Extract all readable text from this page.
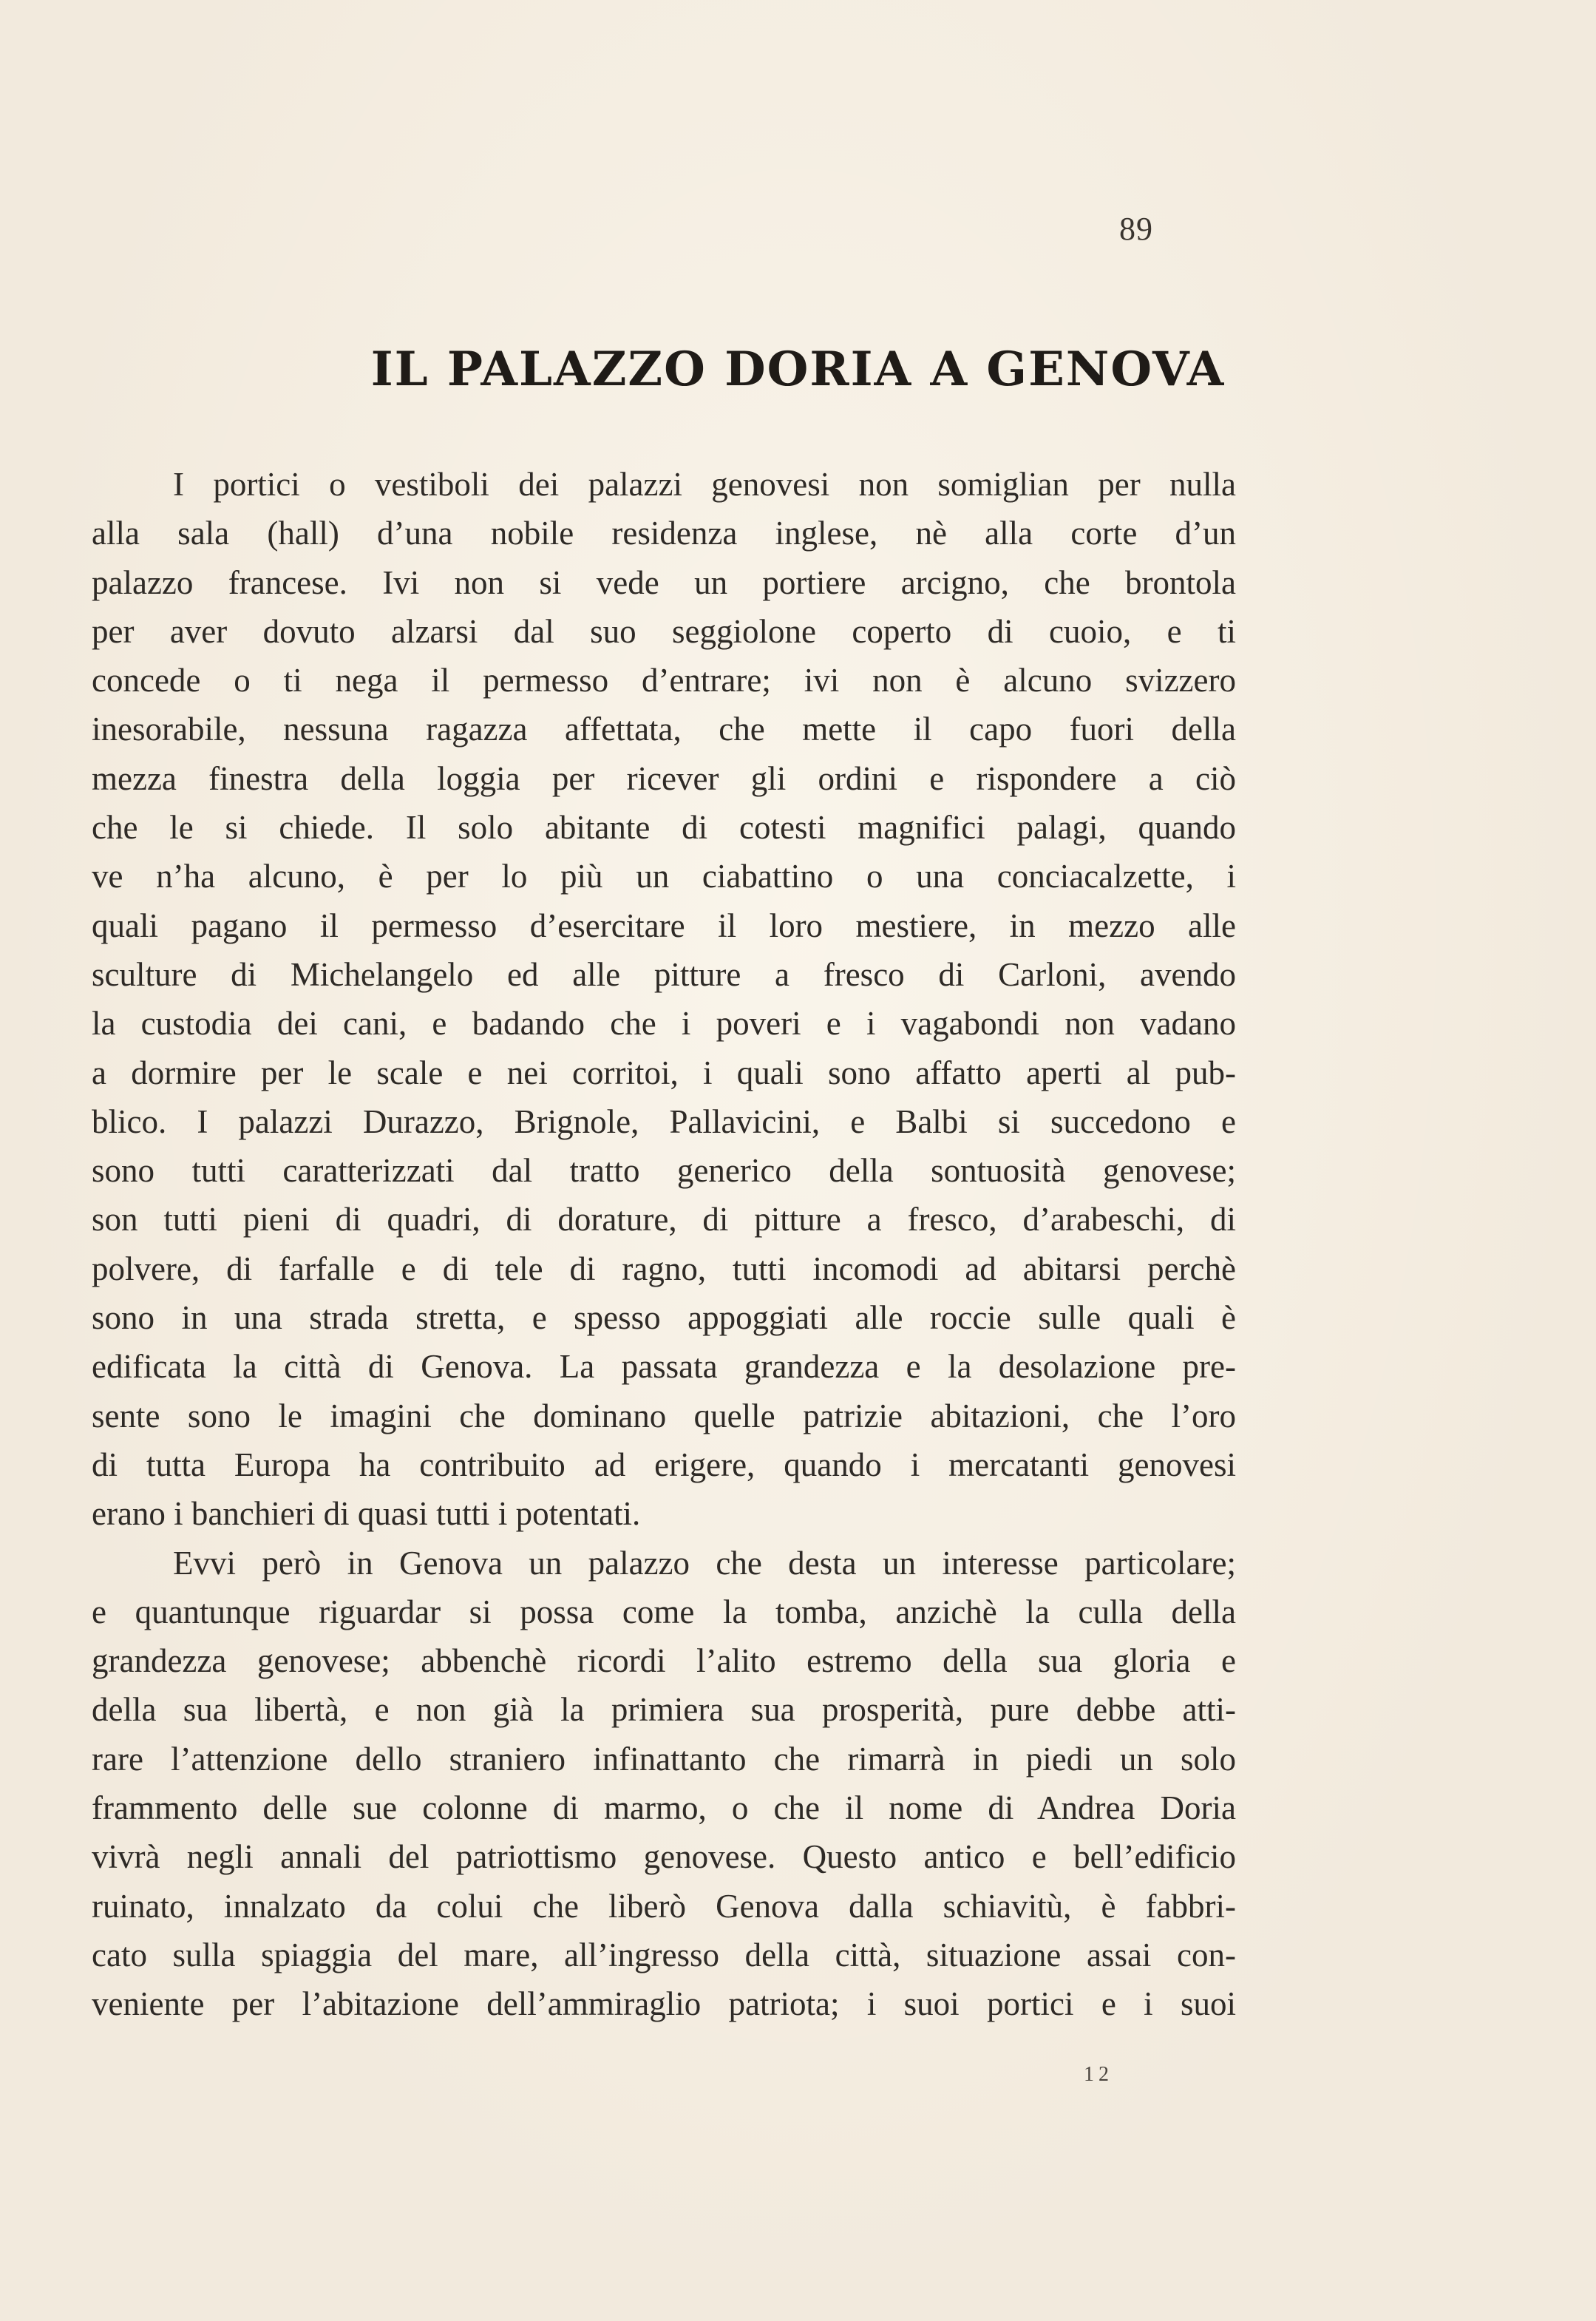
89
IL PALAZZO DORIA A GENOVA
I portici o vestiboli dei palazzi genovesi non somiglian per nulla
alla sala (hall) d’una nobile residenza inglese, nè alla corte d’un
palazzo francese. Ivi non si vede un portiere arcigno, che brontola
per aver dovuto alzarsi dal suo seggiolone coperto di cuoio, e ti
concede o ti nega il permesso d’entrare; ivi non è alcuno svizzero
inesorabile, nessuna ragazza affettata, che mette il capo fuori della
mezza finestra della loggia per ricever gli ordini e rispondere a ciò
che le si chiede. Il solo abitante di cotesti magnifici palagi, quando
ve n’ha alcuno, è per lo più un ciabattino o una conciacalzette, i
quali pagano il permesso d’esercitare il loro mestiere, in mezzo alle
sculture di Michelangelo ed alle pitture a fresco di Carloni, avendo
la custodia dei cani, e badando che i poveri e i vagabondi non vadano
a dormire per le scale e nei corritoi, i quali sono affatto aperti al pub-
blico. I palazzi Durazzo, Brignole, Pallavicini, e Balbi si succedono e
sono tutti caratterizzati dal tratto generico della sontuosità genovese;
son tutti pieni di quadri, di dorature, di pitture a fresco, d’arabeschi, di
polvere, di farfalle e di tele di ragno, tutti incomodi ad abitarsi perchè
sono in una strada stretta, e spesso appoggiati alle roccie sulle quali è
edificata la città di Genova. La passata grandezza e la desolazione pre-
sente sono le imagini che dominano quelle patrizie abitazioni, che l’oro
di tutta Europa ha contribuito ad erigere, quando i mercatanti genovesi
erano i banchieri di quasi tutti i potentati.
Evvi però in Genova un palazzo che desta un interesse particolare;
e quantunque riguardar si possa come la tomba, anzichè la culla della
grandezza genovese; abbenchè ricordi l’alito estremo della sua gloria e
della sua libertà, e non già la primiera sua prosperità, pure debbe atti-
rare l’attenzione dello straniero infinattanto che rimarrà in piedi un solo
frammento delle sue colonne di marmo, o che il nome di Andrea Doria
vivrà negli annali del patriottismo genovese. Questo antico e bell’edificio
ruinato, innalzato da colui che liberò Genova dalla schiavitù, è fabbri-
cato sulla spiaggia del mare, all’ingresso della città, situazione assai con-
veniente per l’abitazione dell’ammiraglio patriota; i suoi portici e i suoi
12
